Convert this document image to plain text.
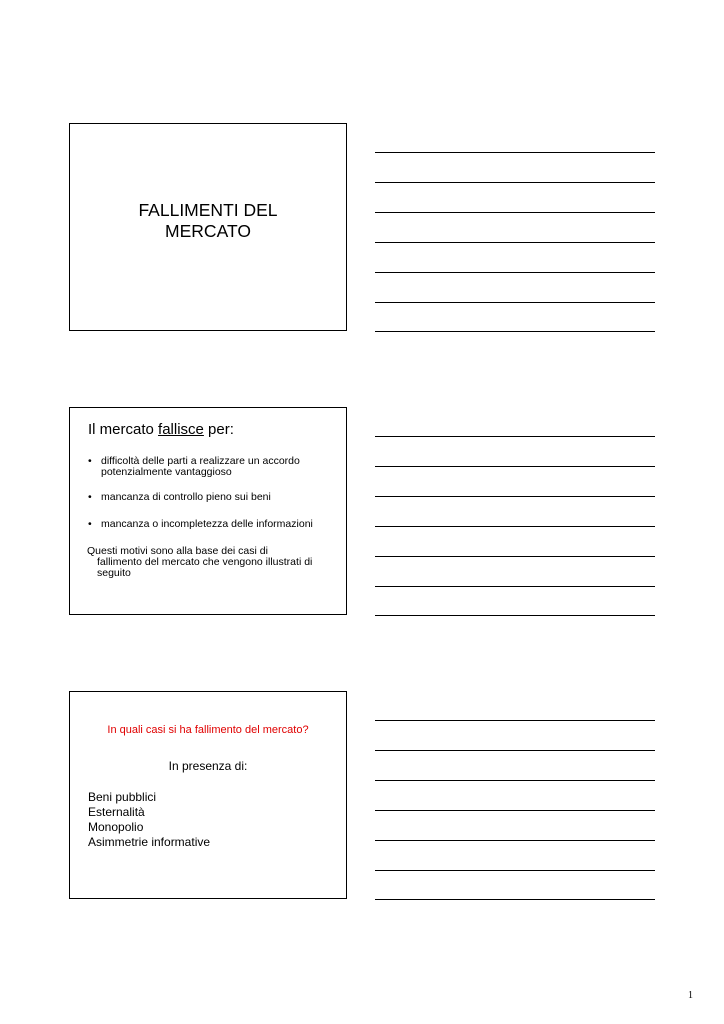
FALLIMENTI DEL
MERCATO
Il mercato fallisce per:
• difficoltà delle parti a realizzare un accordo potenzialmente vantaggioso
• mancanza di controllo pieno sui beni
• mancanza o incompletezza delle informazioni
Questi motivi sono alla base dei casi di
fallimento del mercato che vengono illustrati di seguito
In quali casi si ha fallimento del mercato?
In presenza di:
Beni pubblici
Esternalità
Monopolio
Asimmetrie informative
1
